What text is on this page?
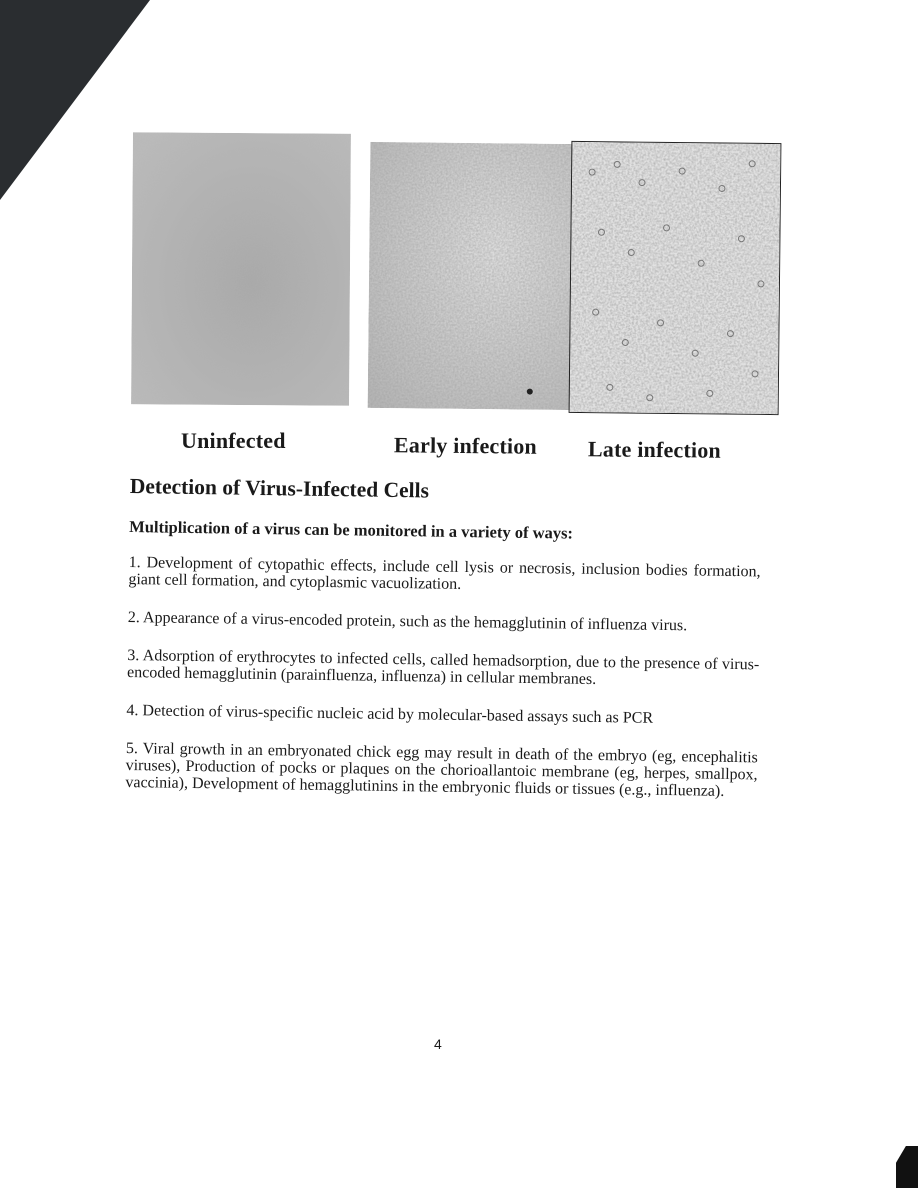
Uninfected	Early infection Late infection
Detection of Virus-Infected Cells
Multiplication of a virus can be monitored in a variety of ways:

1. Development of cytopathic effects, include cell lysis or necrosis, inclusion bodies formation, giant cell formation, and cytoplasmic vacuolization.

2. Appearance of a virus-encoded protein, such as the hemagglutinin of influenza virus.

3. Adsorption of erythrocytes to infected cells, called hemadsorption, due to the presence of virus-encoded hemagglutinin (parainfluenza, influenza) in cellular membranes.

4. Detection of virus-specific nucleic acid by molecular-based assays such as PCR

5. Viral growth in an embryonated chick egg may result in death of the embryo (eg, encephalitis viruses), Production of pocks or plaques on the chorioallantoic membrane (eg, herpes, smallpox, vaccinia), Development of hemagglutinins in the embryonic fluids or tissues (e.g., influenza).

4
